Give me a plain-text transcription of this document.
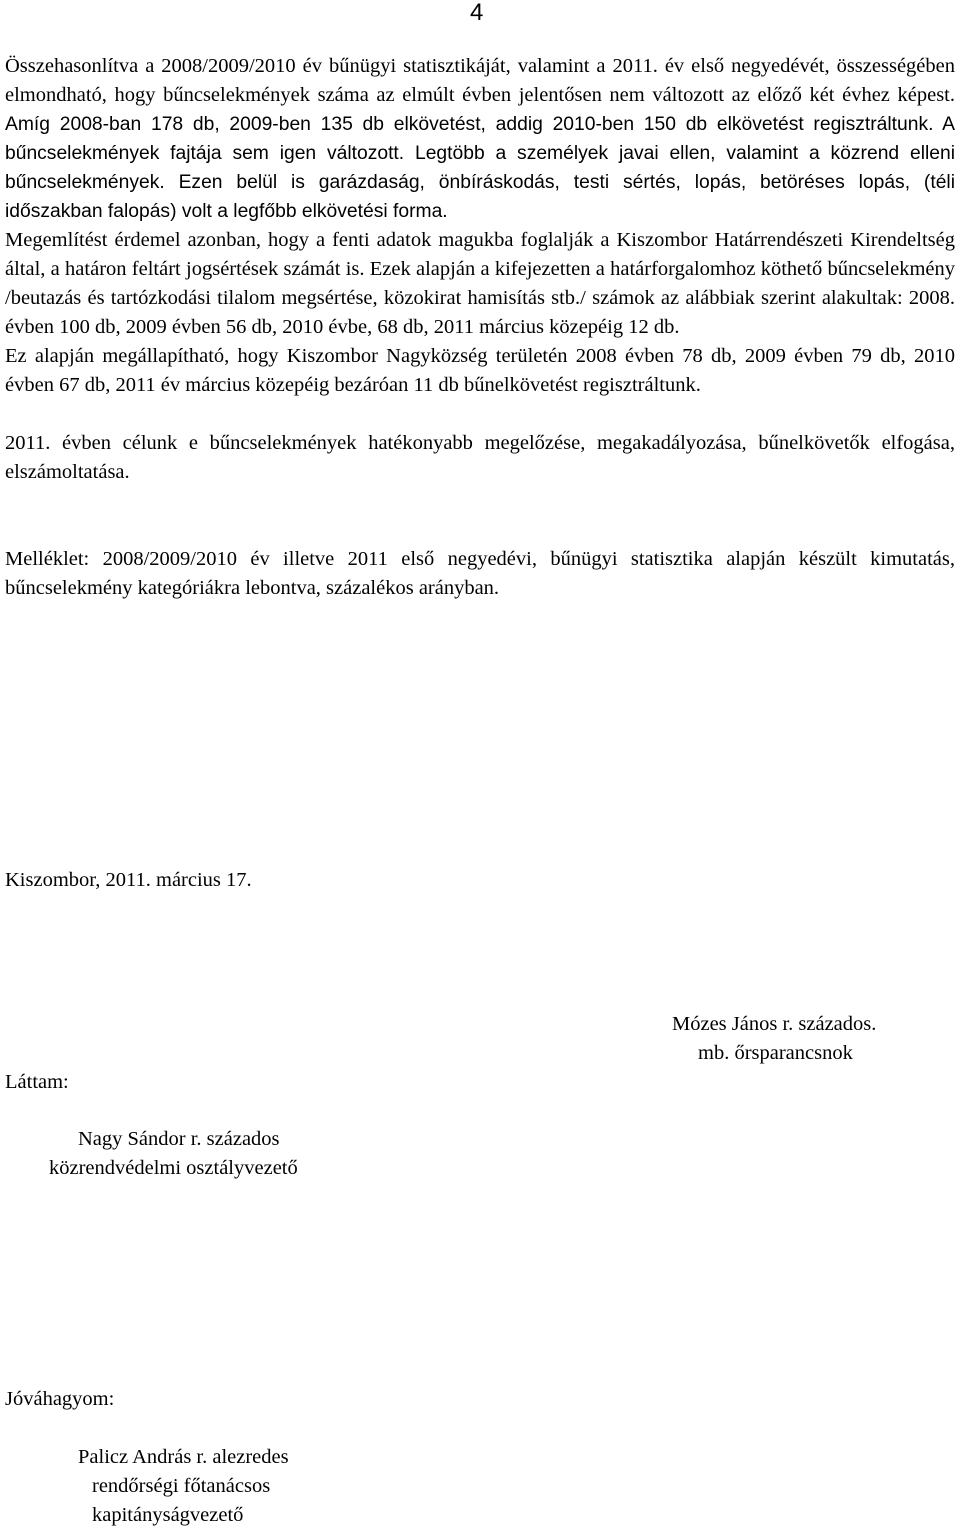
4

Összehasonlítva a 2008/2009/2010 év bűnügyi statisztikáját, valamint a 2011. év első negyedévét, összességében elmondható, hogy bűncselekmények száma az elmúlt évben jelentősen nem változott az előző két évhez képest. Amíg 2008-ban 178 db, 2009-ben 135 db elkövetést, addig 2010-ben 150 db elkövetést regisztráltunk. A bűncselekmények fajtája sem igen változott. Legtöbb a személyek javai ellen, valamint a közrend elleni bűncselekmények. Ezen belül is garázdaság, önbíráskodás, testi sértés, lopás, betöréses lopás, (téli időszakban falopás) volt a legfőbb elkövetési forma.

Megemlítést érdemel azonban, hogy a fenti adatok magukba foglalják a Kiszombor Határrendészeti Kirendeltség által, a határon feltárt jogsértések számát is. Ezek alapján a kifejezetten a határforgalomhoz köthető bűncselekmény /beutazás és tartózkodási tilalom megsértése, közokirat hamisítás stb./ számok az alábbiak szerint alakultak: 2008. évben 100 db, 2009 évben 56 db, 2010 évbe, 68 db, 2011 március közepéig 12 db.

Ez alapján megállapítható, hogy Kiszombor Nagyközség területén 2008 évben 78 db, 2009 évben 79 db, 2010 évben 67 db, 2011 év március közepéig bezáróan 11 db bűnelkövetést regisztráltunk.

2011. évben célunk e bűncselekmények hatékonyabb megelőzése, megakadályozása, bűnelkövetők elfogása, elszámoltatása.

Melléklet: 2008/2009/2010 év illetve 2011 első negyedévi, bűnügyi statisztika alapján készült kimutatás, bűncselekmény kategóriákra lebontva, százalékos arányban.

Kiszombor, 2011. március 17.
Mózes János r. százados.
mb. őrsparancsnok
Láttam:
Nagy Sándor r. százados
közrendvédelmi osztályvezető
Jóváhagyom:
Palicz András r. alezredes
rendőrségi főtanácsos
kapitányságvezető
